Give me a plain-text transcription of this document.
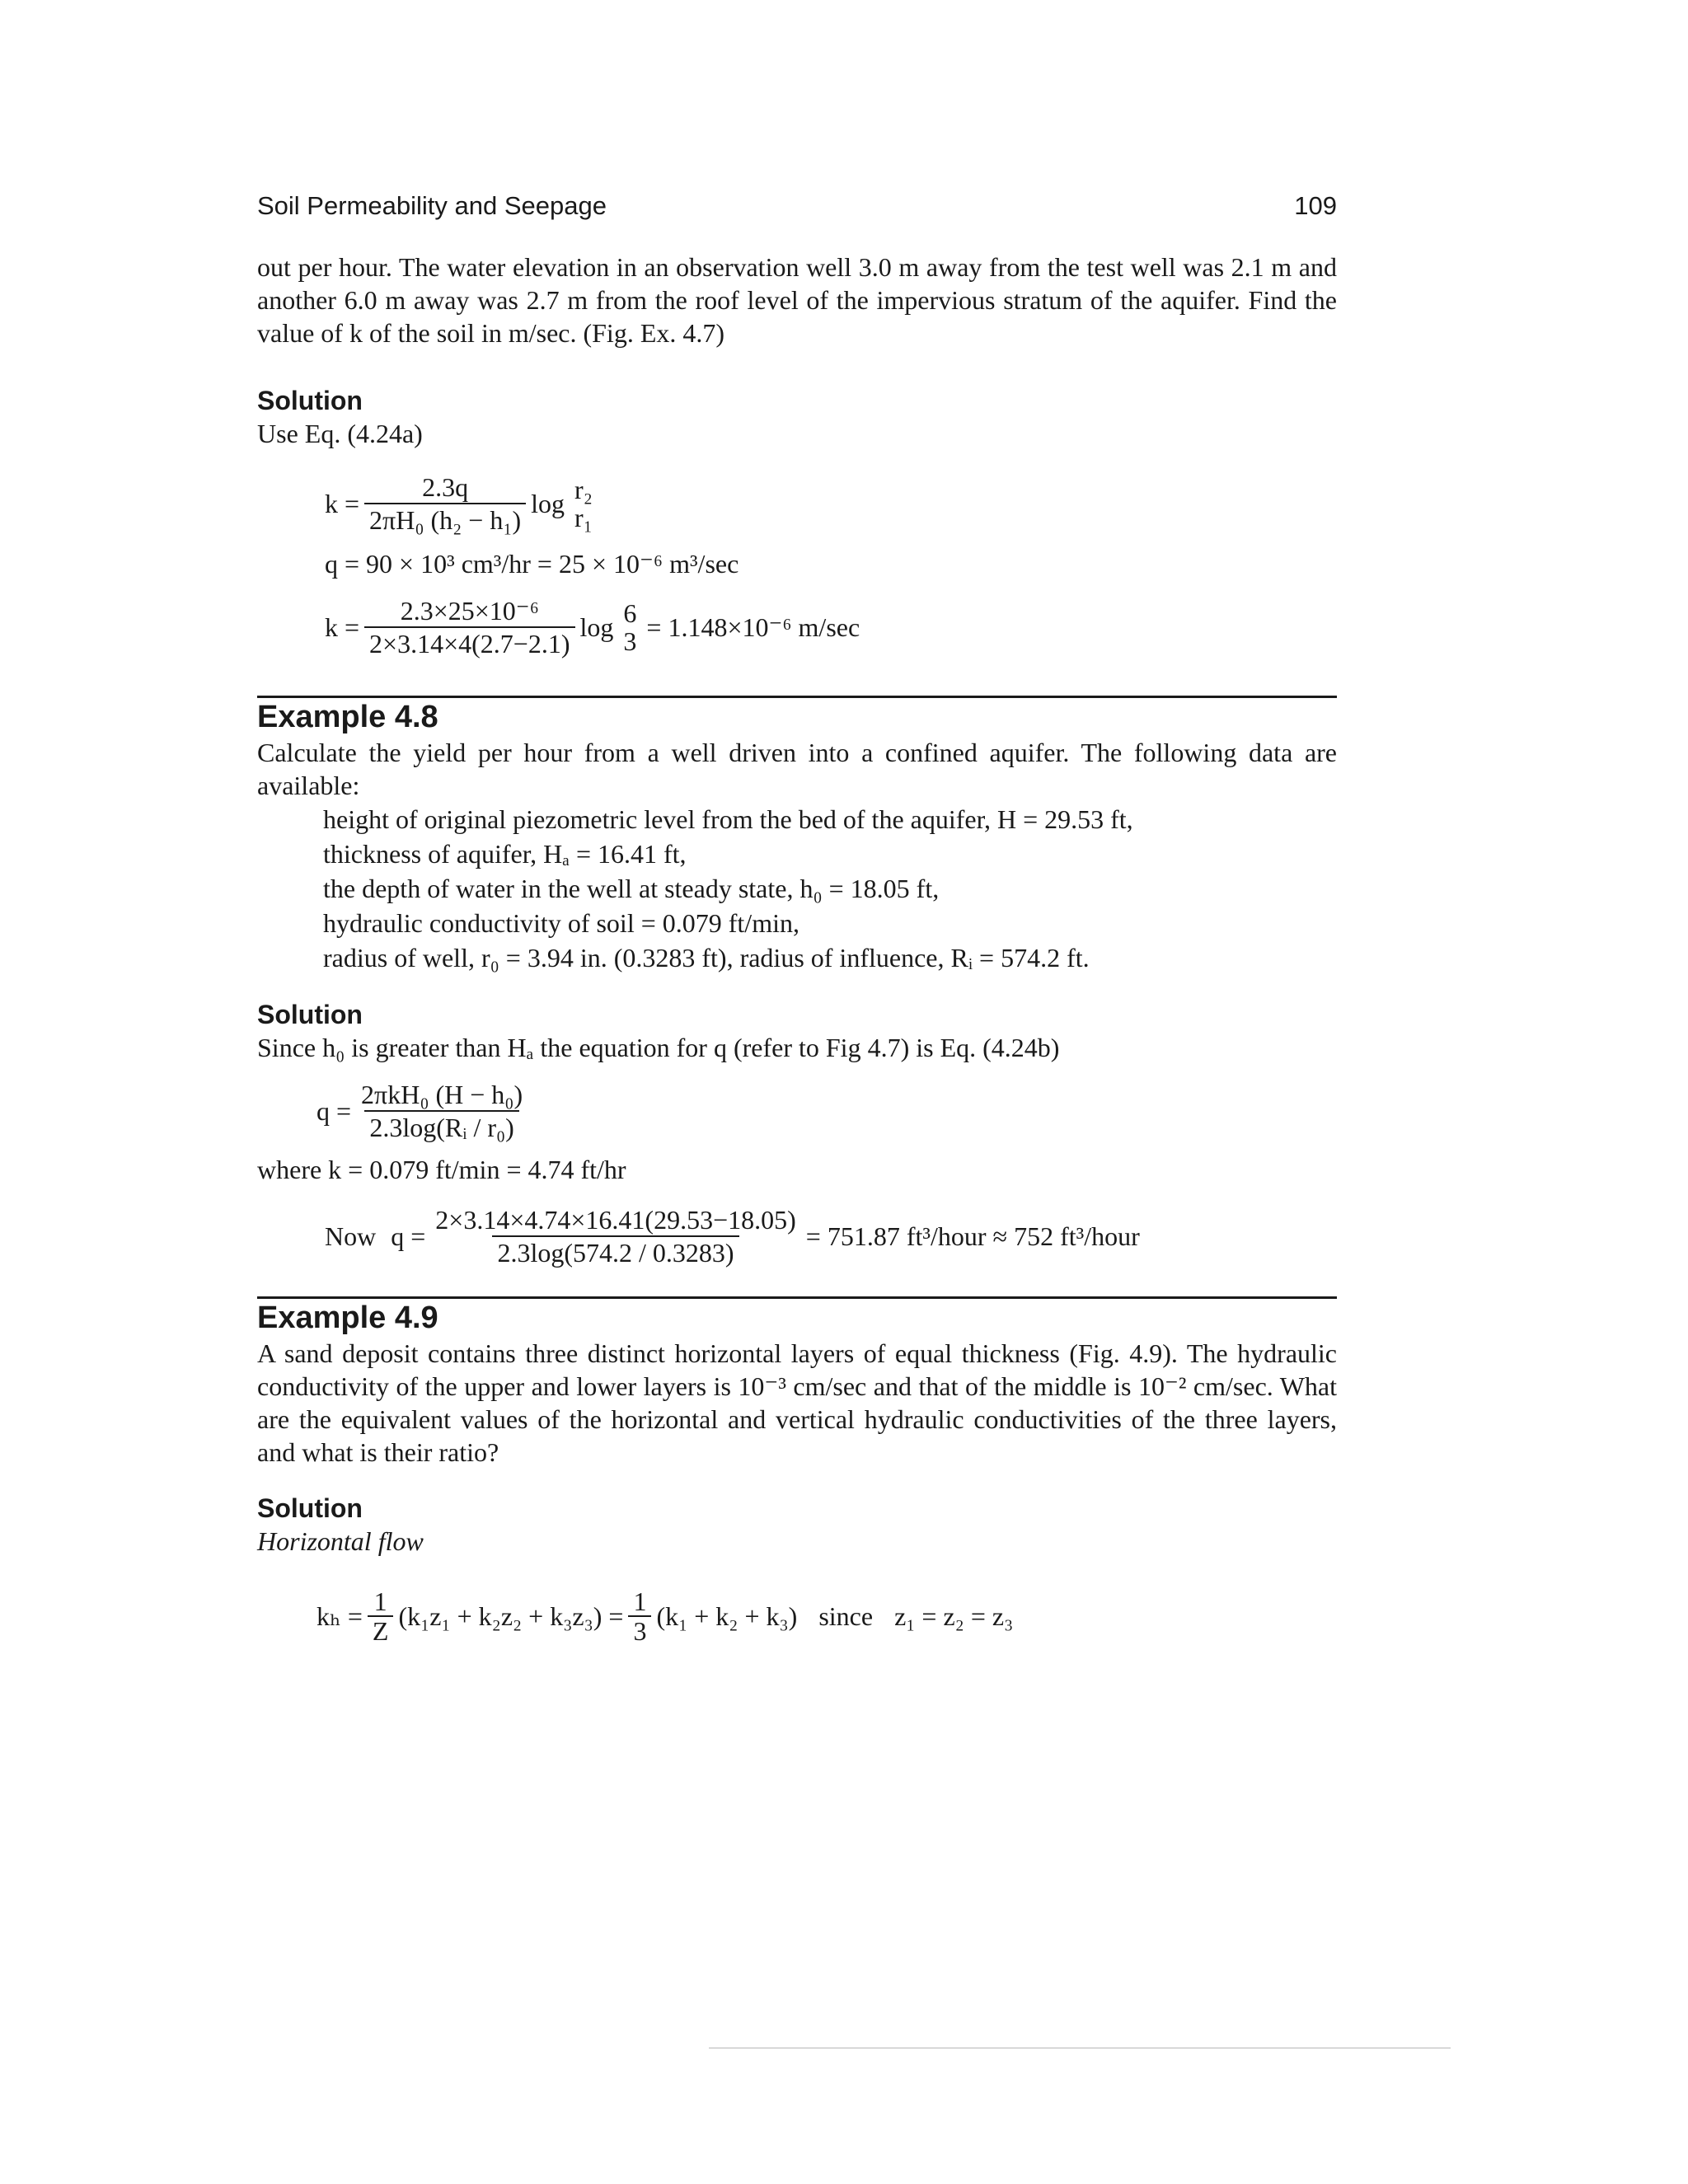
Soil Permeability and Seepage	109

out per hour. The water elevation in an observation well 3.0 m away from the test well was 2.1 m and another 6.0 m away was 2.7 m from the roof level of the impervious stratum of the aquifer. Find the value of k of the soil in m/sec. (Fig. Ex. 4.7)

Solution

Use Eq. (4.24a)

$k = \frac{2.3q}{\text{2πH₀ (h₂ − h₁)}}$ log r₂
r₁
q = 90 × 10³ cm³/hr = 25 × 10⁻⁶ m³/sec
$k = \frac{\text{2.3×25×10⁻⁶}}{2\times 3.14\times 4(2.7-2.1)}$ log 6
3 = 1.148×10⁻⁶ m/sec
Example 4.8

Calculate the yield per hour from a well driven into a confined aquifer. The following data are available:

height of original piezometric level from the bed of the aquifer, H = 29.53 ft,
thickness of aquifer, Hₐ = 16.41 ft,
the depth of water in the well at steady state, h₀ = 18.05 ft,
hydraulic conductivity of soil = 0.079 ft/min,
radius of well, r₀ = 3.94 in. (0.3283 ft), radius of influence, Rᵢ = 574.2 ft.
Solution

Since h₀ is greater than Hₐ the equation for q (refer to Fig 4.7) is Eq. (4.24b)

$q = \frac{\text{2πkH₀ (H − h₀)}}{\text{2.3log(Rᵢ / r₀)}}$

where k = 0.079 ft/min = 4.74 ft/hr

Now $q = \frac{2\times 3.14\times 4.74\times 16.41(29.53-18.05)}{2.3\log(574.2 / 0.3283)} = 751.87$ ft³/hour ≈ 752 ft³/hour
Example 4.9

A sand deposit contains three distinct horizontal layers of equal thickness (Fig. 4.9). The hydraulic conductivity of the upper and lower layers is 10⁻³ cm/sec and that of the middle is 10⁻² cm/sec. What are the equivalent values of the horizontal and vertical hydraulic conductivities of the three layers, and what is their ratio?

Solution

Horizontal flow

$k_h = \frac{1}{Z} (k_1z_1 + k_2z_2 + k_3z_3) = \frac{1}{3} (k_1 + k_2 + k_3)$ since z₁ = z₂ = z₃
